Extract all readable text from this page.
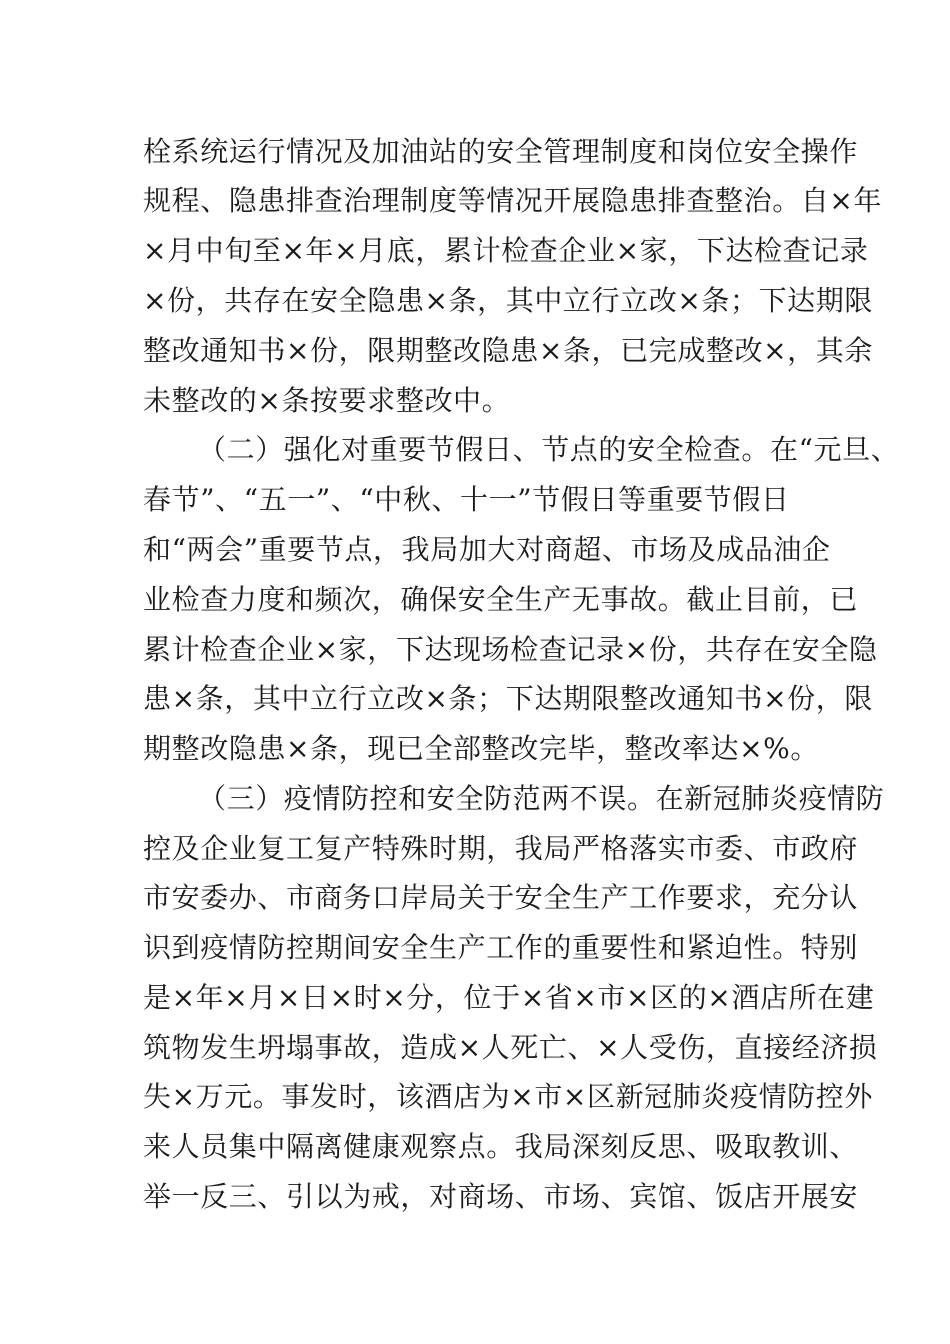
栓系统运行情况及加油站的安全管理制度和岗位安全操作

规程、隐患排查治理制度等情况开展隐患排查整治。自×年

×月中旬至×年×月底，累计检查企业×家，下达检查记录

×份，共存在安全隐患×条，其中立行立改×条；下达期限

整改通知书×份，限期整改隐患×条，已完成整改×，其余

未整改的×条按要求整改中。

（二）强化对重要节假日、节点的安全检查。在“元旦、

春节”、“五一”、“中秋、十一”节假日等重要节假日

和“两会”重要节点，我局加大对商超、市场及成品油企

业检查力度和频次，确保安全生产无事故。截止目前，已

累计检查企业×家，下达现场检查记录×份，共存在安全隐

患×条，其中立行立改×条；下达期限整改通知书×份，限

期整改隐患×条，现已全部整改完毕，整改率达×%。

（三）疫情防控和安全防范两不误。在新冠肺炎疫情防

控及企业复工复产特殊时期，我局严格落实市委、市政府

市安委办、市商务口岸局关于安全生产工作要求，充分认

识到疫情防控期间安全生产工作的重要性和紧迫性。特别

是×年×月×日×时×分，位于×省×市×区的×酒店所在建

筑物发生坍塌事故，造成×人死亡、×人受伤，直接经济损

失×万元。事发时，该酒店为×市×区新冠肺炎疫情防控外

来人员集中隔离健康观察点。我局深刻反思、吸取教训、

举一反三、引以为戒，对商场、市场、宾馆、饭店开展安
